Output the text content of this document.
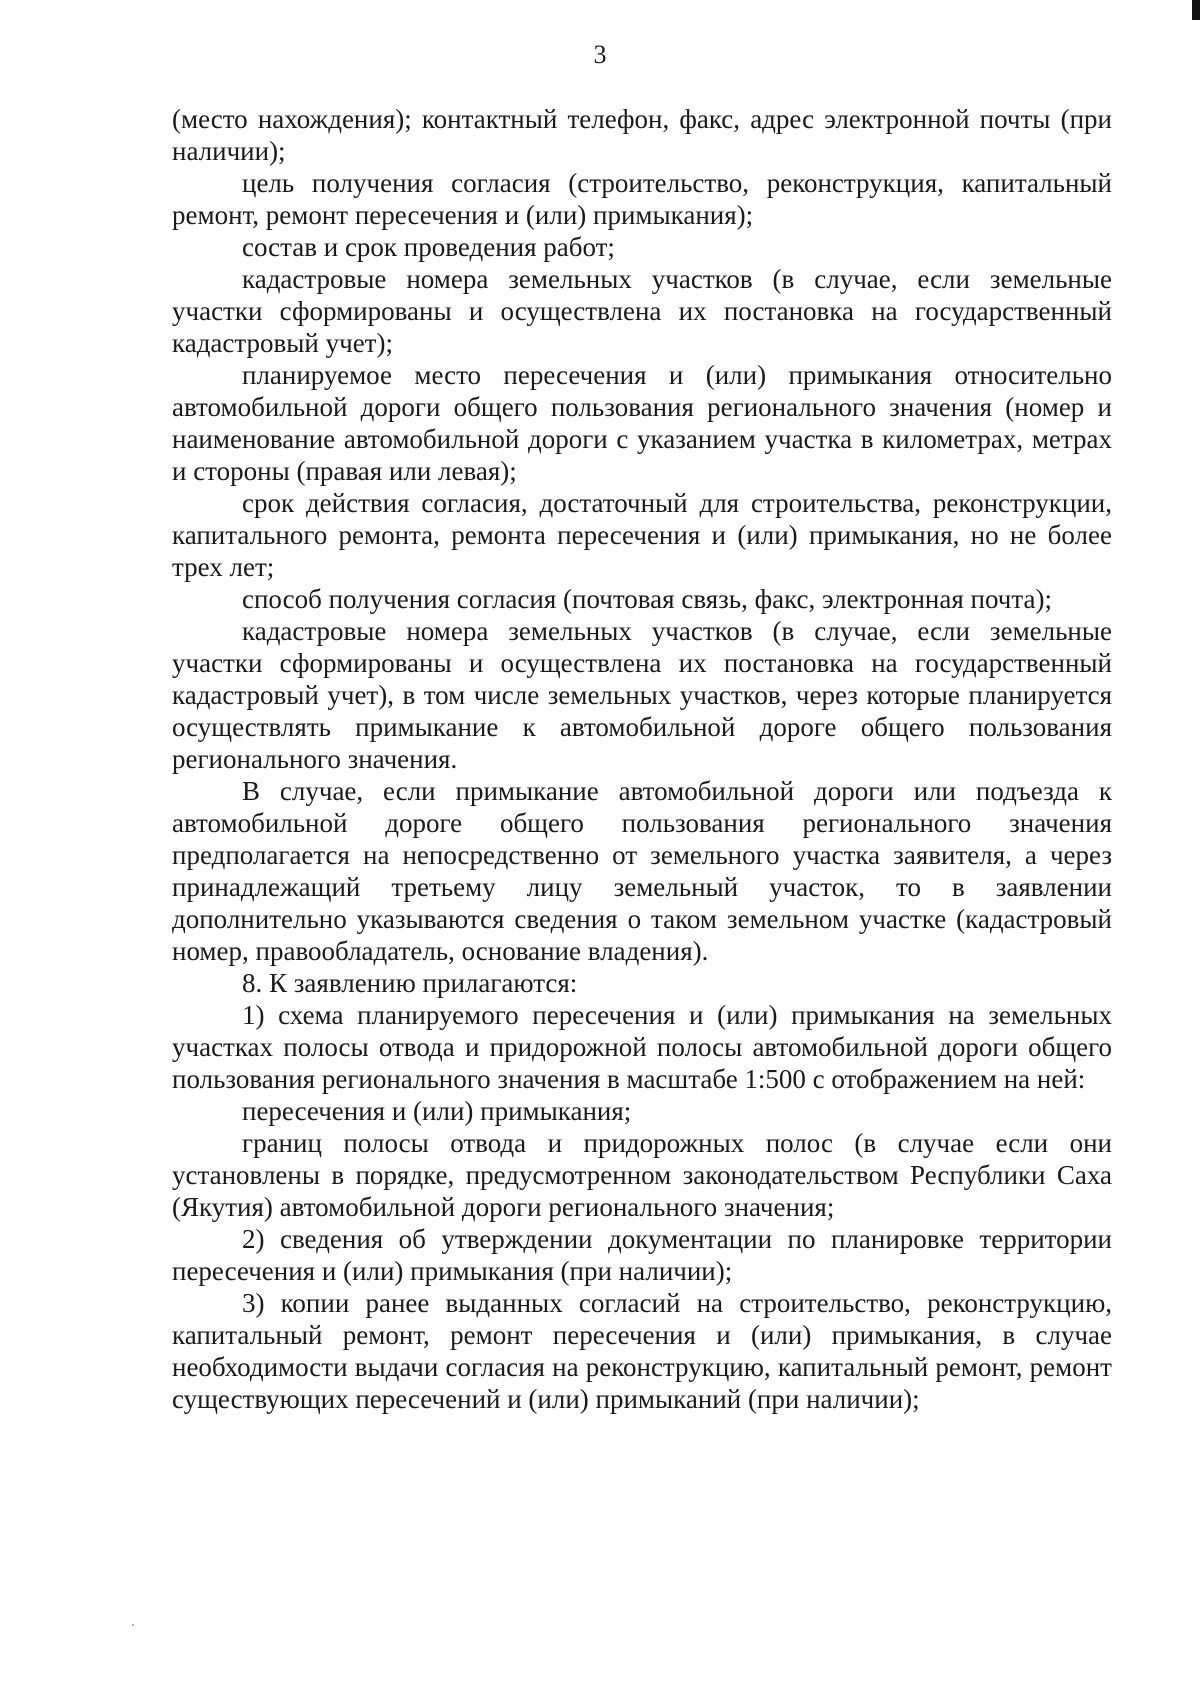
3

(место нахождения); контактный телефон, факс, адрес электронной почты (при наличии);

цель получения согласия (строительство, реконструкция, капитальный ремонт, ремонт пересечения и (или) примыкания);

состав и срок проведения работ;

кадастровые номера земельных участков (в случае, если земельные участки сформированы и осуществлена их постановка на государственный кадастровый учет);

планируемое место пересечения и (или) примыкания относительно автомобильной дороги общего пользования регионального значения (номер и наименование автомобильной дороги с указанием участка в километрах, метрах и стороны (правая или левая);

срок действия согласия, достаточный для строительства, реконструкции, капитального ремонта, ремонта пересечения и (или) примыкания, но не более трех лет;

способ получения согласия (почтовая связь, факс, электронная почта);

кадастровые номера земельных участков (в случае, если земельные участки сформированы и осуществлена их постановка на государственный кадастровый учет), в том числе земельных участков, через которые планируется осуществлять примыкание к автомобильной дороге общего пользования регионального значения.

В случае, если примыкание автомобильной дороги или подъезда к автомобильной дороге общего пользования регионального значения предполагается на непосредственно от земельного участка заявителя, а через принадлежащий третьему лицу земельный участок, то в заявлении дополнительно указываются сведения о таком земельном участке (кадастровый номер, правообладатель, основание владения).

8. К заявлению прилагаются:

1) схема планируемого пересечения и (или) примыкания на земельных участках полосы отвода и придорожной полосы автомобильной дороги общего пользования регионального значения в масштабе 1:500 с отображением на ней:

пересечения и (или) примыкания;

границ полосы отвода и придорожных полос (в случае если они установлены в порядке, предусмотренном законодательством Республики Саха (Якутия) автомобильной дороги регионального значения;

2) сведения об утверждении документации по планировке территории пересечения и (или) примыкания (при наличии);

3) копии ранее выданных согласий на строительство, реконструкцию, капитальный ремонт, ремонт пересечения и (или) примыкания, в случае необходимости выдачи согласия на реконструкцию, капитальный ремонт, ремонт существующих пересечений и (или) примыканий (при наличии);
